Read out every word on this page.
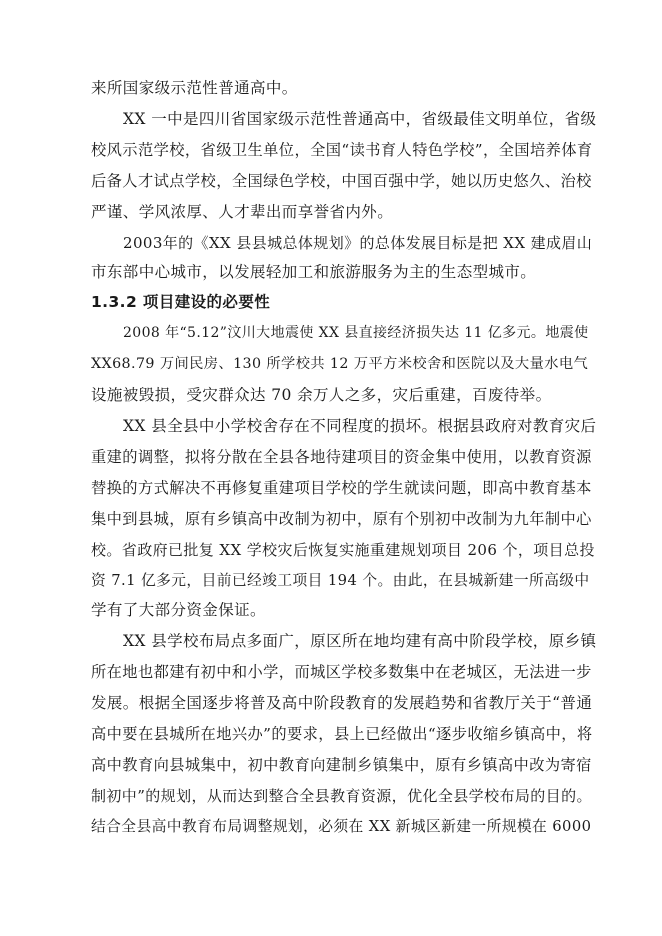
来所国家级示范性普通高中。
XX 一中是四川省国家级示范性普通高中，省级最佳文明单位，省级
校风示范学校，省级卫生单位，全国“读书育人特色学校”，全国培养体育
后备人才试点学校，全国绿色学校，中国百强中学，她以历史悠久、治校
严谨、学风浓厚、人才辈出而享誉省内外。
2003年的《XX 县县城总体规划》的总体发展目标是把 XX 建成眉山
市东部中心城市，以发展轻加工和旅游服务为主的生态型城市。
1.3.2 项目建设的必要性
2008 年“5.12”汶川大地震使 XX 县直接经济损失达 11 亿多元。地震使
XX68.79 万间民房、130 所学校共 12 万平方米校舍和医院以及大量水电气
设施被毁损，受灾群众达 70 余万人之多，灾后重建，百废待举。
XX 县全县中小学校舍存在不同程度的损坏。根据县政府对教育灾后
重建的调整，拟将分散在全县各地待建项目的资金集中使用，以教育资源
替换的方式解决不再修复重建项目学校的学生就读问题，即高中教育基本
集中到县城，原有乡镇高中改制为初中，原有个别初中改制为九年制中心
校。省政府已批复 XX 学校灾后恢复实施重建规划项目 206 个，项目总投
资 7.1 亿多元，目前已经竣工项目 194 个。由此，在县城新建一所高级中
学有了大部分资金保证。
XX 县学校布局点多面广，原区所在地均建有高中阶段学校，原乡镇
所在地也都建有初中和小学，而城区学校多数集中在老城区，无法进一步
发展。根据全国逐步将普及高中阶段教育的发展趋势和省教厅关于“普通
高中要在县城所在地兴办”的要求，县上已经做出“逐步收缩乡镇高中，将
高中教育向县城集中，初中教育向建制乡镇集中，原有乡镇高中改为寄宿
制初中”的规划，从而达到整合全县教育资源，优化全县学校布局的目的。
结合全县高中教育布局调整规划，必须在 XX 新城区新建一所规模在 6000
